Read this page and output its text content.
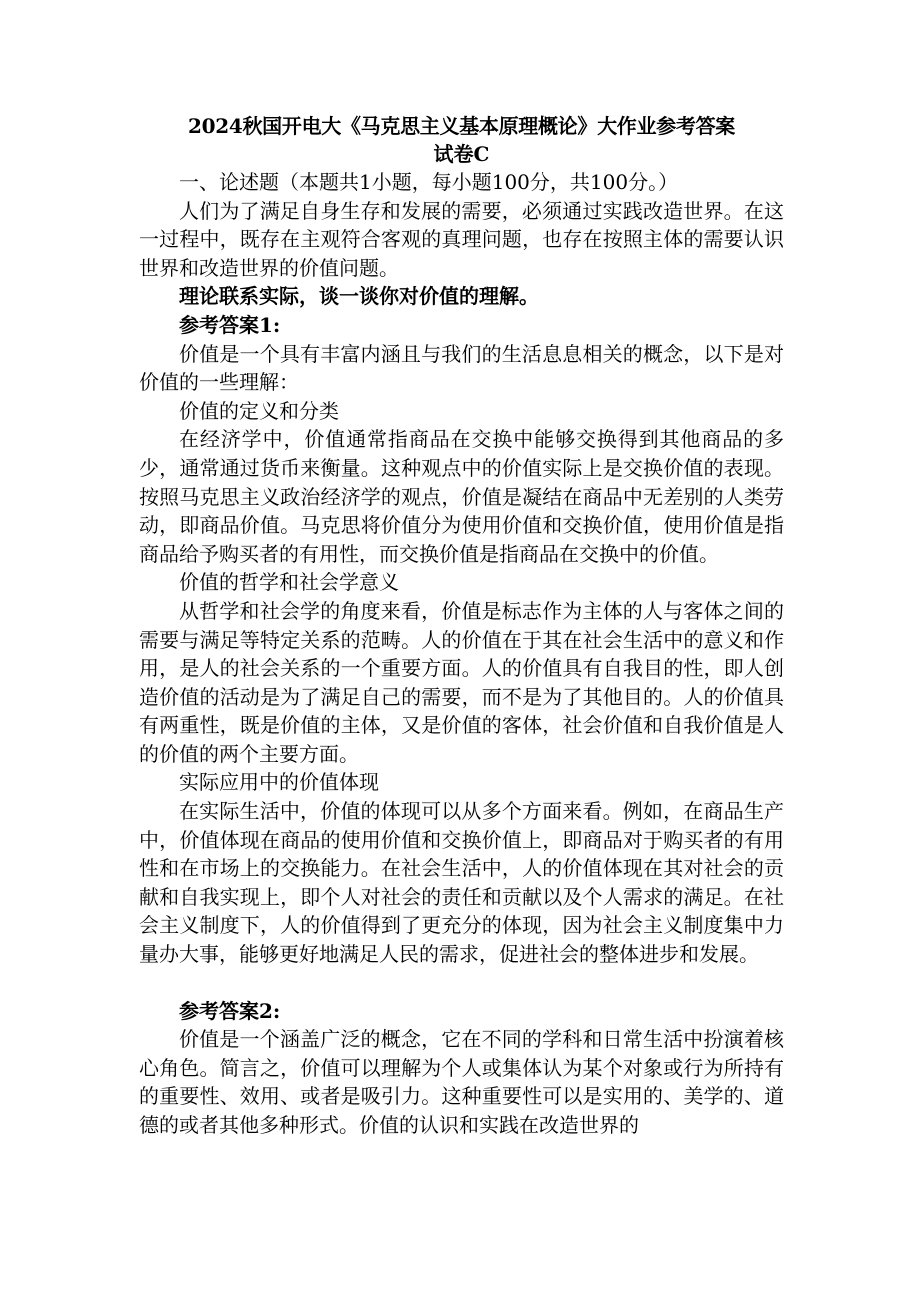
2024秋国开电大《马克思主义基本原理概论》大作业参考答案
试卷C

一、论述题（本题共1小题，每小题100分，共100分。）

人们为了满足自身生存和发展的需要，必须通过实践改造世界。在这一过程中，既存在主观符合客观的真理问题，也存在按照主体的需要认识世界和改造世界的价值问题。

理论联系实际，谈一谈你对价值的理解。

参考答案1:

价值是一个具有丰富内涵且与我们的生活息息相关的概念，以下是对价值的一些理解：

价值的定义和分类

在经济学中，价值通常指商品在交换中能够交换得到其他商品的多少，通常通过货币来衡量。这种观点中的价值实际上是交换价值的表现。按照马克思主义政治经济学的观点，价值是凝结在商品中无差别的人类劳动，即商品价值。马克思将价值分为使用价值和交换价值，使用价值是指商品给予购买者的有用性，而交换价值是指商品在交换中的价值。

价值的哲学和社会学意义

从哲学和社会学的角度来看，价值是标志作为主体的人与客体之间的需要与满足等特定关系的范畴。人的价值在于其在社会生活中的意义和作用，是人的社会关系的一个重要方面。人的价值具有自我目的性，即人创造价值的活动是为了满足自己的需要，而不是为了其他目的。人的价值具有两重性，既是价值的主体，又是价值的客体，社会价值和自我价值是人的价值的两个主要方面。

实际应用中的价值体现

在实际生活中，价值的体现可以从多个方面来看。例如，在商品生产中，价值体现在商品的使用价值和交换价值上，即商品对于购买者的有用性和在市场上的交换能力。在社会生活中，人的价值体现在其对社会的贡献和自我实现上，即个人对社会的责任和贡献以及个人需求的满足。在社会主义制度下，人的价值得到了更充分的体现，因为社会主义制度集中力量办大事，能够更好地满足人民的需求，促进社会的整体进步和发展。

参考答案2:

价值是一个涵盖广泛的概念，它在不同的学科和日常生活中扮演着核心角色。简言之，价值可以理解为个人或集体认为某个对象或行为所持有的重要性、效用、或者是吸引力。这种重要性可以是实用的、美学的、道德的或者其他多种形式。价值的认识和实践在改造世界的
